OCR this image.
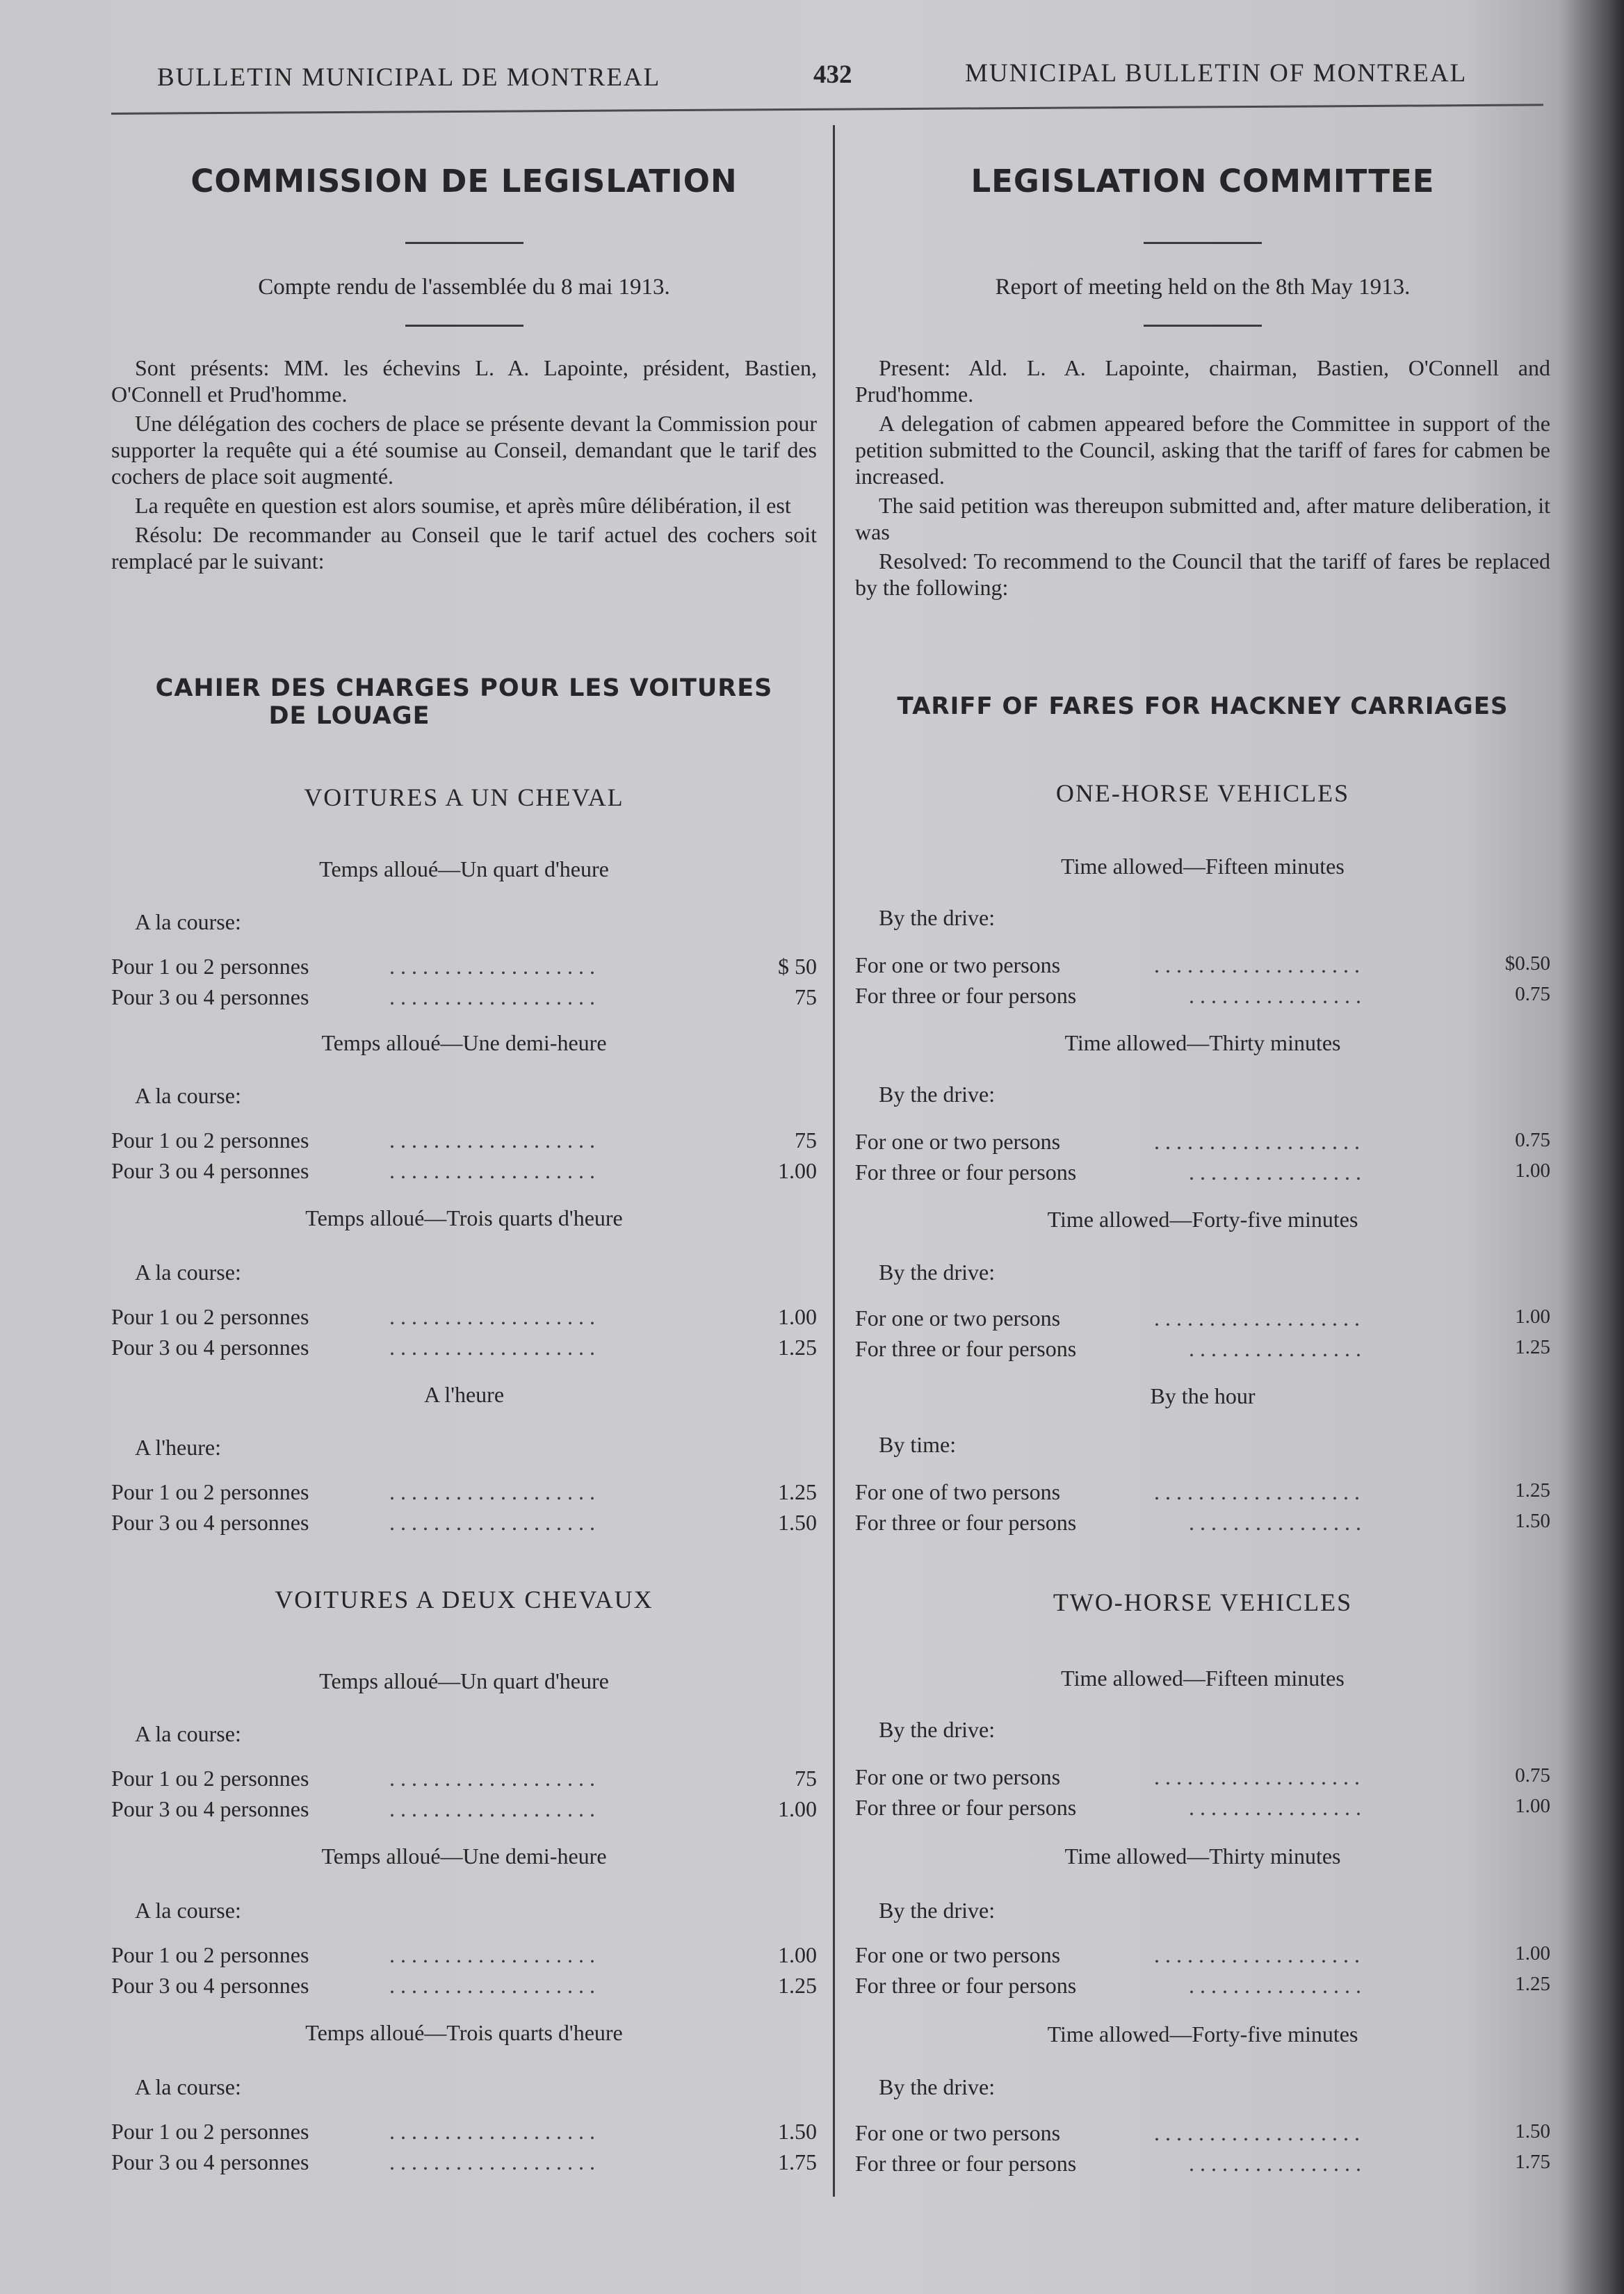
BULLETIN MUNICIPAL DE MONTREAL	432	MUNICIPAL BULLETIN OF MONTREAL
COMMISSION DE LEGISLATION
Compte rendu de l'assemblée du 8 mai 1913.

Sont présents: MM. les échevins L. A. Lapointe, président, Bastien, O'Connell et Prud'homme.

Une délégation des cochers de place se présente devant la Commission pour supporter la requête qui a été soumise au Conseil, demandant que le tarif des cochers de place soit augmenté.

La requête en question est alors soumise, et après mûre délibération, il est

Résolu: De recommander au Conseil que le tarif actuel des cochers soit remplacé par le suivant:

CAHIER DES CHARGES POUR LES VOITURES
DE LOUAGE
VOITURES A UN CHEVAL
Temps alloué—Un quart d'heure
A la course:
Pour 1 ou 2 personnes	...................	$ 50
Pour 3 ou 4 personnes	...................	75
Temps alloué—Une demi-heure
A la course:
Pour 1 ou 2 personnes	...................	75
Pour 3 ou 4 personnes	...................	1.00
Temps alloué—Trois quarts d'heure
A la course:
Pour 1 ou 2 personnes	...................	1.00
Pour 3 ou 4 personnes	...................	1.25
A l'heure
A l'heure:
Pour 1 ou 2 personnes	...................	1.25
Pour 3 ou 4 personnes	...................	1.50
VOITURES A DEUX CHEVAUX
Temps alloué—Un quart d'heure
A la course:
Pour 1 ou 2 personnes	...................	75
Pour 3 ou 4 personnes	...................	1.00
Temps alloué—Une demi-heure
A la course:
Pour 1 ou 2 personnes	...................	1.00
Pour 3 ou 4 personnes	...................	1.25
Temps alloué—Trois quarts d'heure
A la course:
Pour 1 ou 2 personnes	...................	1.50
Pour 3 ou 4 personnes	...................	1.75
LEGISLATION COMMITTEE
Report of meeting held on the 8th May 1913.

Present: Ald. L. A. Lapointe, chairman, Bastien, O'Connell and Prud'homme.

A delegation of cabmen appeared before the Committee in support of the petition submitted to the Council, asking that the tariff of fares for cabmen be increased.

The said petition was thereupon submitted and, after mature deliberation, it was

Resolved: To recommend to the Council that the tariff of fares be replaced by the following:

TARIFF OF FARES FOR HACKNEY CARRIAGES
ONE-HORSE VEHICLES
Time allowed—Fifteen minutes
By the drive:
For one or two persons	...................	$0.50
For three or four persons	................	0.75
Time allowed—Thirty minutes
By the drive:
For one or two persons	...................	0.75
For three or four persons	................	1.00
Time allowed—Forty-five minutes
By the drive:
For one or two persons	...................	1.00
For three or four persons	................	1.25
By the hour
By time:
For one of two persons	...................	1.25
For three or four persons	................	1.50
TWO-HORSE VEHICLES
Time allowed—Fifteen minutes
By the drive:
For one or two persons	...................	0.75
For three or four persons	................	1.00
Time allowed—Thirty minutes
By the drive:
For one or two persons	...................	1.00
For three or four persons	................	1.25
Time allowed—Forty-five minutes
By the drive:
For one or two persons	...................	1.50
For three or four persons	................	1.75
